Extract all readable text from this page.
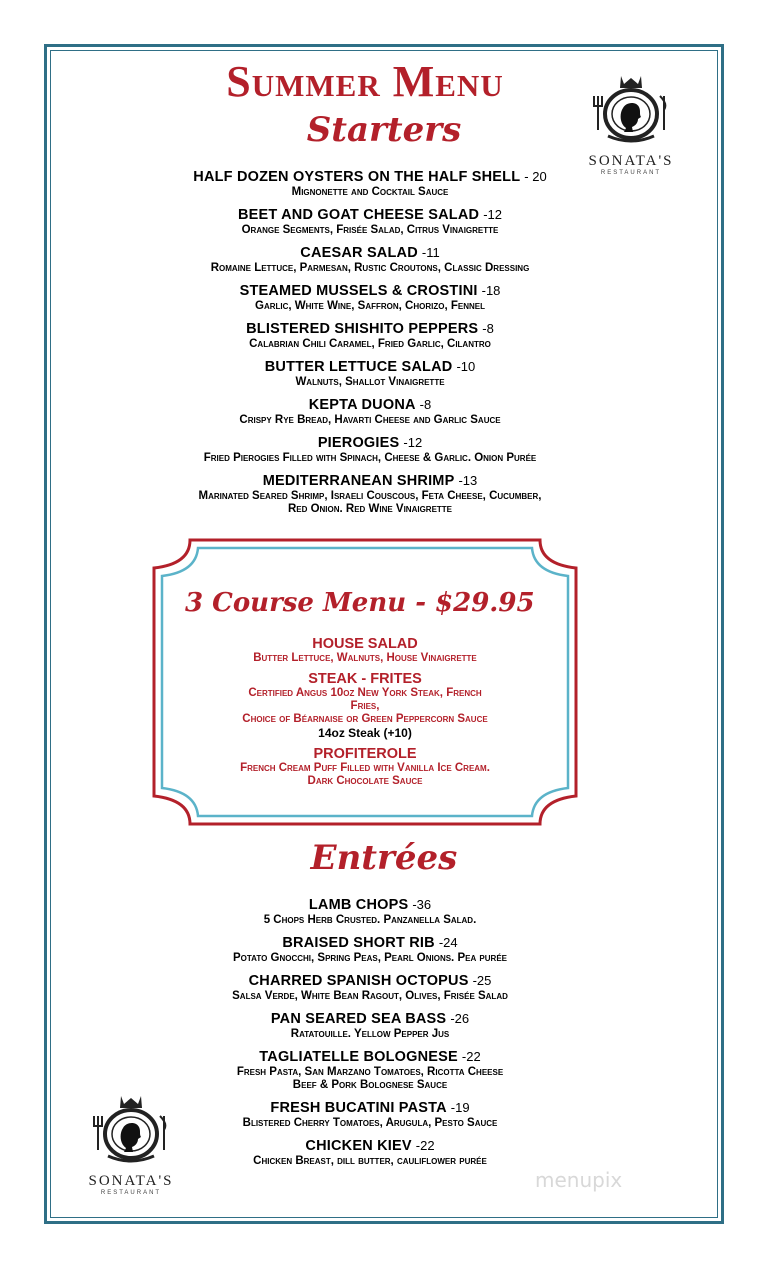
Summer Menu
SONATA'S
RESTAURANT
Starters
HALF DOZEN OYSTERS ON THE HALF SHELL - 20
Mignonette and Cocktail Sauce
BEET AND GOAT CHEESE SALAD -12
Orange Segments, Frisée Salad, Citrus Vinaigrette
CAESAR SALAD -11
Romaine Lettuce, Parmesan, Rustic Croutons, Classic Dressing
STEAMED MUSSELS & CROSTINI -18
Garlic, White Wine, Saffron, Chorizo, Fennel
BLISTERED SHISHITO PEPPERS -8
Calabrian Chili Caramel, Fried Garlic, Cilantro
BUTTER LETTUCE SALAD -10
Walnuts, Shallot Vinaigrette
KEPTA DUONA -8
Crispy Rye Bread, Havarti Cheese and Garlic Sauce
PIEROGIES -12
Fried Pierogies Filled with Spinach, Cheese & Garlic. Onion Purée
MEDITERRANEAN SHRIMP -13
Marinated Seared Shrimp, Israeli Couscous, Feta Cheese, Cucumber,
Red Onion. Red Wine Vinaigrette
3 Course Menu - $29.95
HOUSE SALAD
Butter Lettuce, Walnuts, House Vinaigrette
STEAK - FRITES
Certified Angus 10oz New York Steak, French
Fries,
Choice of Béarnaise or Green Peppercorn Sauce
14oz Steak (+10)
PROFITEROLE
French Cream Puff Filled with Vanilla Ice Cream.
Dark Chocolate Sauce
Entrées
LAMB CHOPS -36
5 Chops Herb Crusted. Panzanella Salad.
BRAISED SHORT RIB -24
Potato Gnocchi, Spring Peas, Pearl Onions. Pea purée
CHARRED SPANISH OCTOPUS -25
Salsa Verde, White Bean Ragout, Olives, Frisée Salad
PAN SEARED SEA BASS -26
Ratatouille. Yellow Pepper Jus
TAGLIATELLE BOLOGNESE -22
Fresh Pasta, San Marzano Tomatoes, Ricotta Cheese
Beef & Pork Bolognese Sauce
FRESH BUCATINI PASTA -19
Blistered Cherry Tomatoes, Arugula, Pesto Sauce
CHICKEN KIEV -22
Chicken Breast, dill butter, cauliflower purée
SONATA'S
RESTAURANT
menupix
